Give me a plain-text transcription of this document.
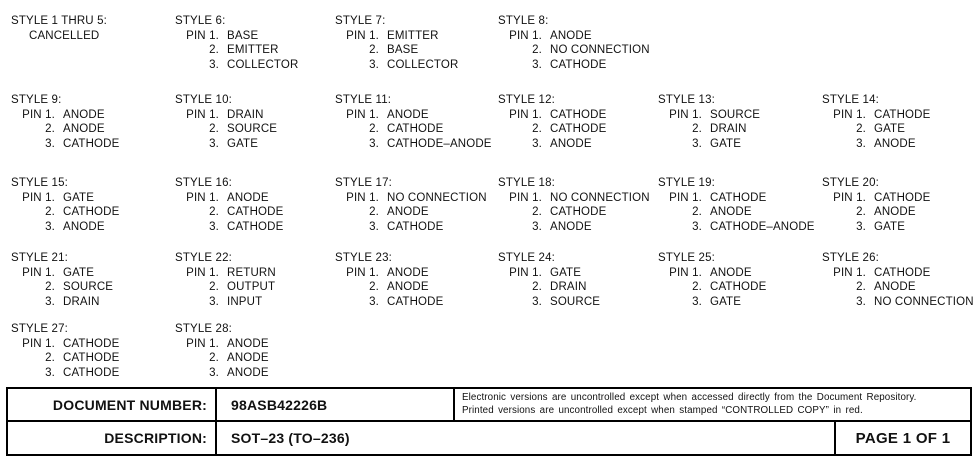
STYLE 1 THRU 5:
CANCELLED
STYLE 6:
PIN 1. BASE
2. EMITTER
3. COLLECTOR
STYLE 7:
PIN 1. EMITTER
2. BASE
3. COLLECTOR
STYLE 8:
PIN 1. ANODE
2. NO CONNECTION
3. CATHODE
STYLE 9:
PIN 1. ANODE
2. ANODE
3. CATHODE
STYLE 10:
PIN 1. DRAIN
2. SOURCE
3. GATE
STYLE 11:
PIN 1. ANODE
2. CATHODE
3. CATHODE–ANODE
STYLE 12:
PIN 1. CATHODE
2. CATHODE
3. ANODE
STYLE 13:
PIN 1. SOURCE
2. DRAIN
3. GATE
STYLE 14:
PIN 1. CATHODE
2. GATE
3. ANODE
STYLE 15:
PIN 1. GATE
2. CATHODE
3. ANODE
STYLE 16:
PIN 1. ANODE
2. CATHODE
3. CATHODE
STYLE 17:
PIN 1. NO CONNECTION
2. ANODE
3. CATHODE
STYLE 18:
PIN 1. NO CONNECTION
2. CATHODE
3. ANODE
STYLE 19:
PIN 1. CATHODE
2. ANODE
3. CATHODE–ANODE
STYLE 20:
PIN 1. CATHODE
2. ANODE
3. GATE
STYLE 21:
PIN 1. GATE
2. SOURCE
3. DRAIN
STYLE 22:
PIN 1. RETURN
2. OUTPUT
3. INPUT
STYLE 23:
PIN 1. ANODE
2. ANODE
3. CATHODE
STYLE 24:
PIN 1. GATE
2. DRAIN
3. SOURCE
STYLE 25:
PIN 1. ANODE
2. CATHODE
3. GATE
STYLE 26:
PIN 1. CATHODE
2. ANODE
3. NO CONNECTION
STYLE 27:
PIN 1. CATHODE
2. CATHODE
3. CATHODE
STYLE 28:
PIN 1. ANODE
2. ANODE
3. ANODE
DOCUMENT NUMBER:	98ASB42226B	Electronic versions are uncontrolled except when accessed directly from the Document Repository.
Printed versions are uncontrolled except when stamped “CONTROLLED COPY” in red.
DESCRIPTION:	SOT–23 (TO–236)	PAGE 1 OF 1
